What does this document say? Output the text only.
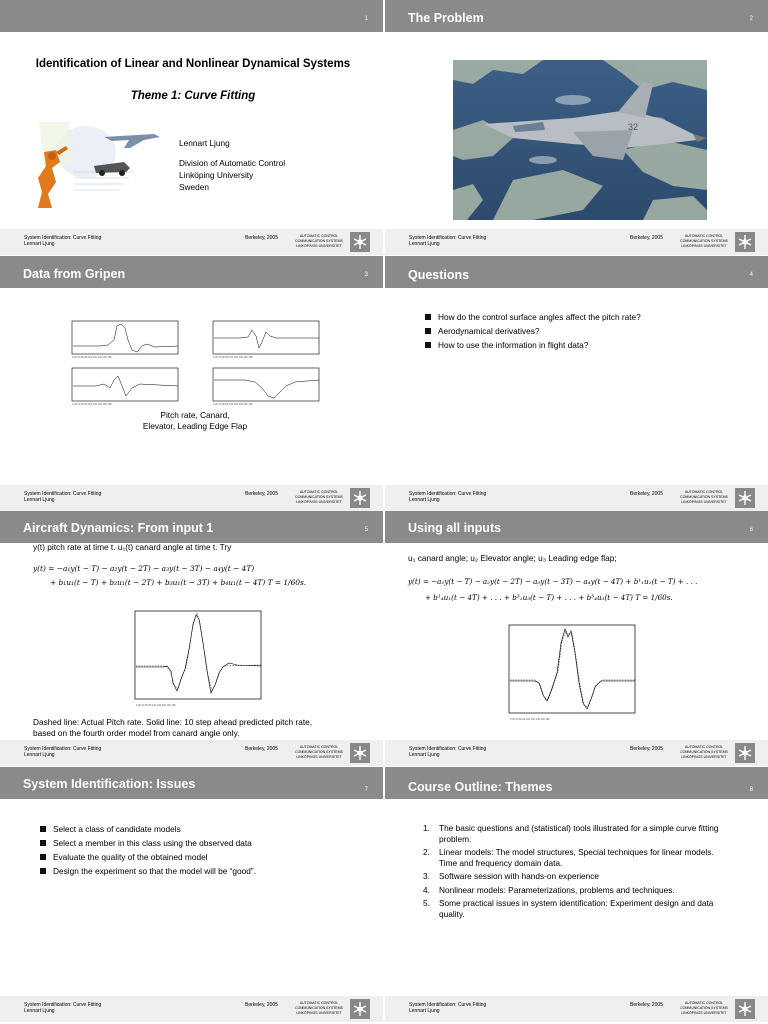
1
Identification of Linear and Nonlinear Dynamical Systems
Theme 1: Curve Fitting
Lennart Ljung
Division of Automatic Control
Linköping University
Sweden
System Identification: Curve Fitting
Lennart Ljung
Berkeley, 2005	AUTOMATIC CONTROL
COMMUNICATION SYSTEMS
LINKÖPINGS UNIVERSITET
The Problem	2
32
System Identification: Curve Fitting
Lennart Ljung
Berkeley, 2005	AUTOMATIC CONTROL
COMMUNICATION SYSTEMS
LINKÖPINGS UNIVERSITET
Data from Gripen	3
0 20 40 60 80 100 120 140 160 180	0 20 40 60 80 100 120 140 160 180
0 20 40 60 80 100 120 140 160 180	0 20 40 60 80 100 120 140 160 180
Pitch rate, Canard,
Elevator, Leading Edge Flap
System Identification: Curve Fitting
Lennart Ljung
Berkeley, 2005	AUTOMATIC CONTROL
COMMUNICATION SYSTEMS
LINKÖPINGS UNIVERSITET
Questions	4
How do the control surface angles affect the pitch rate?
Aerodynamical derivatives?
How to use the information in flight data?
System Identification: Curve Fitting
Lennart Ljung
Berkeley, 2005	AUTOMATIC CONTROL
COMMUNICATION SYSTEMS
LINKÖPINGS UNIVERSITET
Aircraft Dynamics: From input 1	5
y(t) pitch rate at time t. u₁(t) canard angle at time t. Try
y(t) = −a₁y(t − T) − a₂y(t − 2T) − a₃y(t − 3T) − a₄y(t − 4T)
+ b₁u₁(t − T) + b₂u₁(t − 2T) + b₃u₁(t − 3T) + b₄u₁(t − 4T) T = 1/60s.
0 20 40 60 80 100 120 140 160 180
Dashed line: Actual Pitch rate. Solid line: 10 step ahead predicted pitch rate,
based on the fourth order model from canard angle only.
System Identification: Curve Fitting
Lennart Ljung
Berkeley, 2005	AUTOMATIC CONTROL
COMMUNICATION SYSTEMS
LINKÖPINGS UNIVERSITET
Using all inputs	6
u₁ canard angle; u₂ Elevator angle; u₃ Leading edge flap;
y(t) = −a₁y(t − T) − a₂y(t − 2T) − a₃y(t − 3T) − a₄y(t − 4T) + b¹₁u₁(t − T) + . . .
+ b¹₄u₁(t − 4T) + . . . + b³₁u₃(t − T) + . . . + b³₄u₃(t − 4T) T = 1/60s.
0 20 40 60 80 100 120 140 160 180
System Identification: Curve Fitting
Lennart Ljung
Berkeley, 2005	AUTOMATIC CONTROL
COMMUNICATION SYSTEMS
LINKÖPINGS UNIVERSITET
System Identification: Issues	7
Select a class of candidate models
Select a member in this class using the observed data
Evaluate the quality of the obtained model
Design the experiment so that the model will be “good”.
System Identification: Curve Fitting
Lennart Ljung
Berkeley, 2005	AUTOMATIC CONTROL
COMMUNICATION SYSTEMS
LINKÖPINGS UNIVERSITET
Course Outline: Themes	8
1. The basic questions and (statistical) tools illustrated for a simple curve fitting problem.
2. Linear models: The model structures, Special techniques for linear models. Time and frequency domain data.
3. Software session with hands-on experience
4. Nonlinear models: Parameterizations, problems and techniques.
5. Some practical issues in system identification: Experiment design and data quality.
System Identification: Curve Fitting
Lennart Ljung
Berkeley, 2005	AUTOMATIC CONTROL
COMMUNICATION SYSTEMS
LINKÖPINGS UNIVERSITET
